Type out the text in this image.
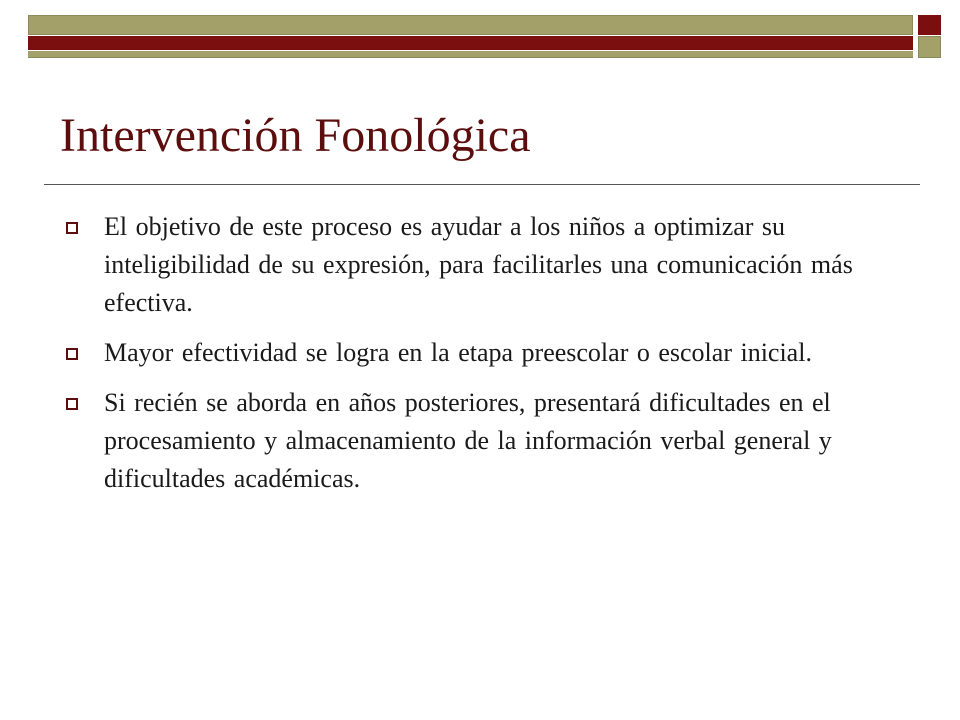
Intervención Fonológica
El objetivo de este proceso es ayudar a los niños a optimizar su inteligibilidad de su expresión, para facilitarles una comunicación más efectiva.
Mayor efectividad se logra en la etapa preescolar o escolar inicial.
Si recién se aborda en años posteriores, presentará dificultades en el procesamiento y almacenamiento de la información verbal general y dificultades académicas.
